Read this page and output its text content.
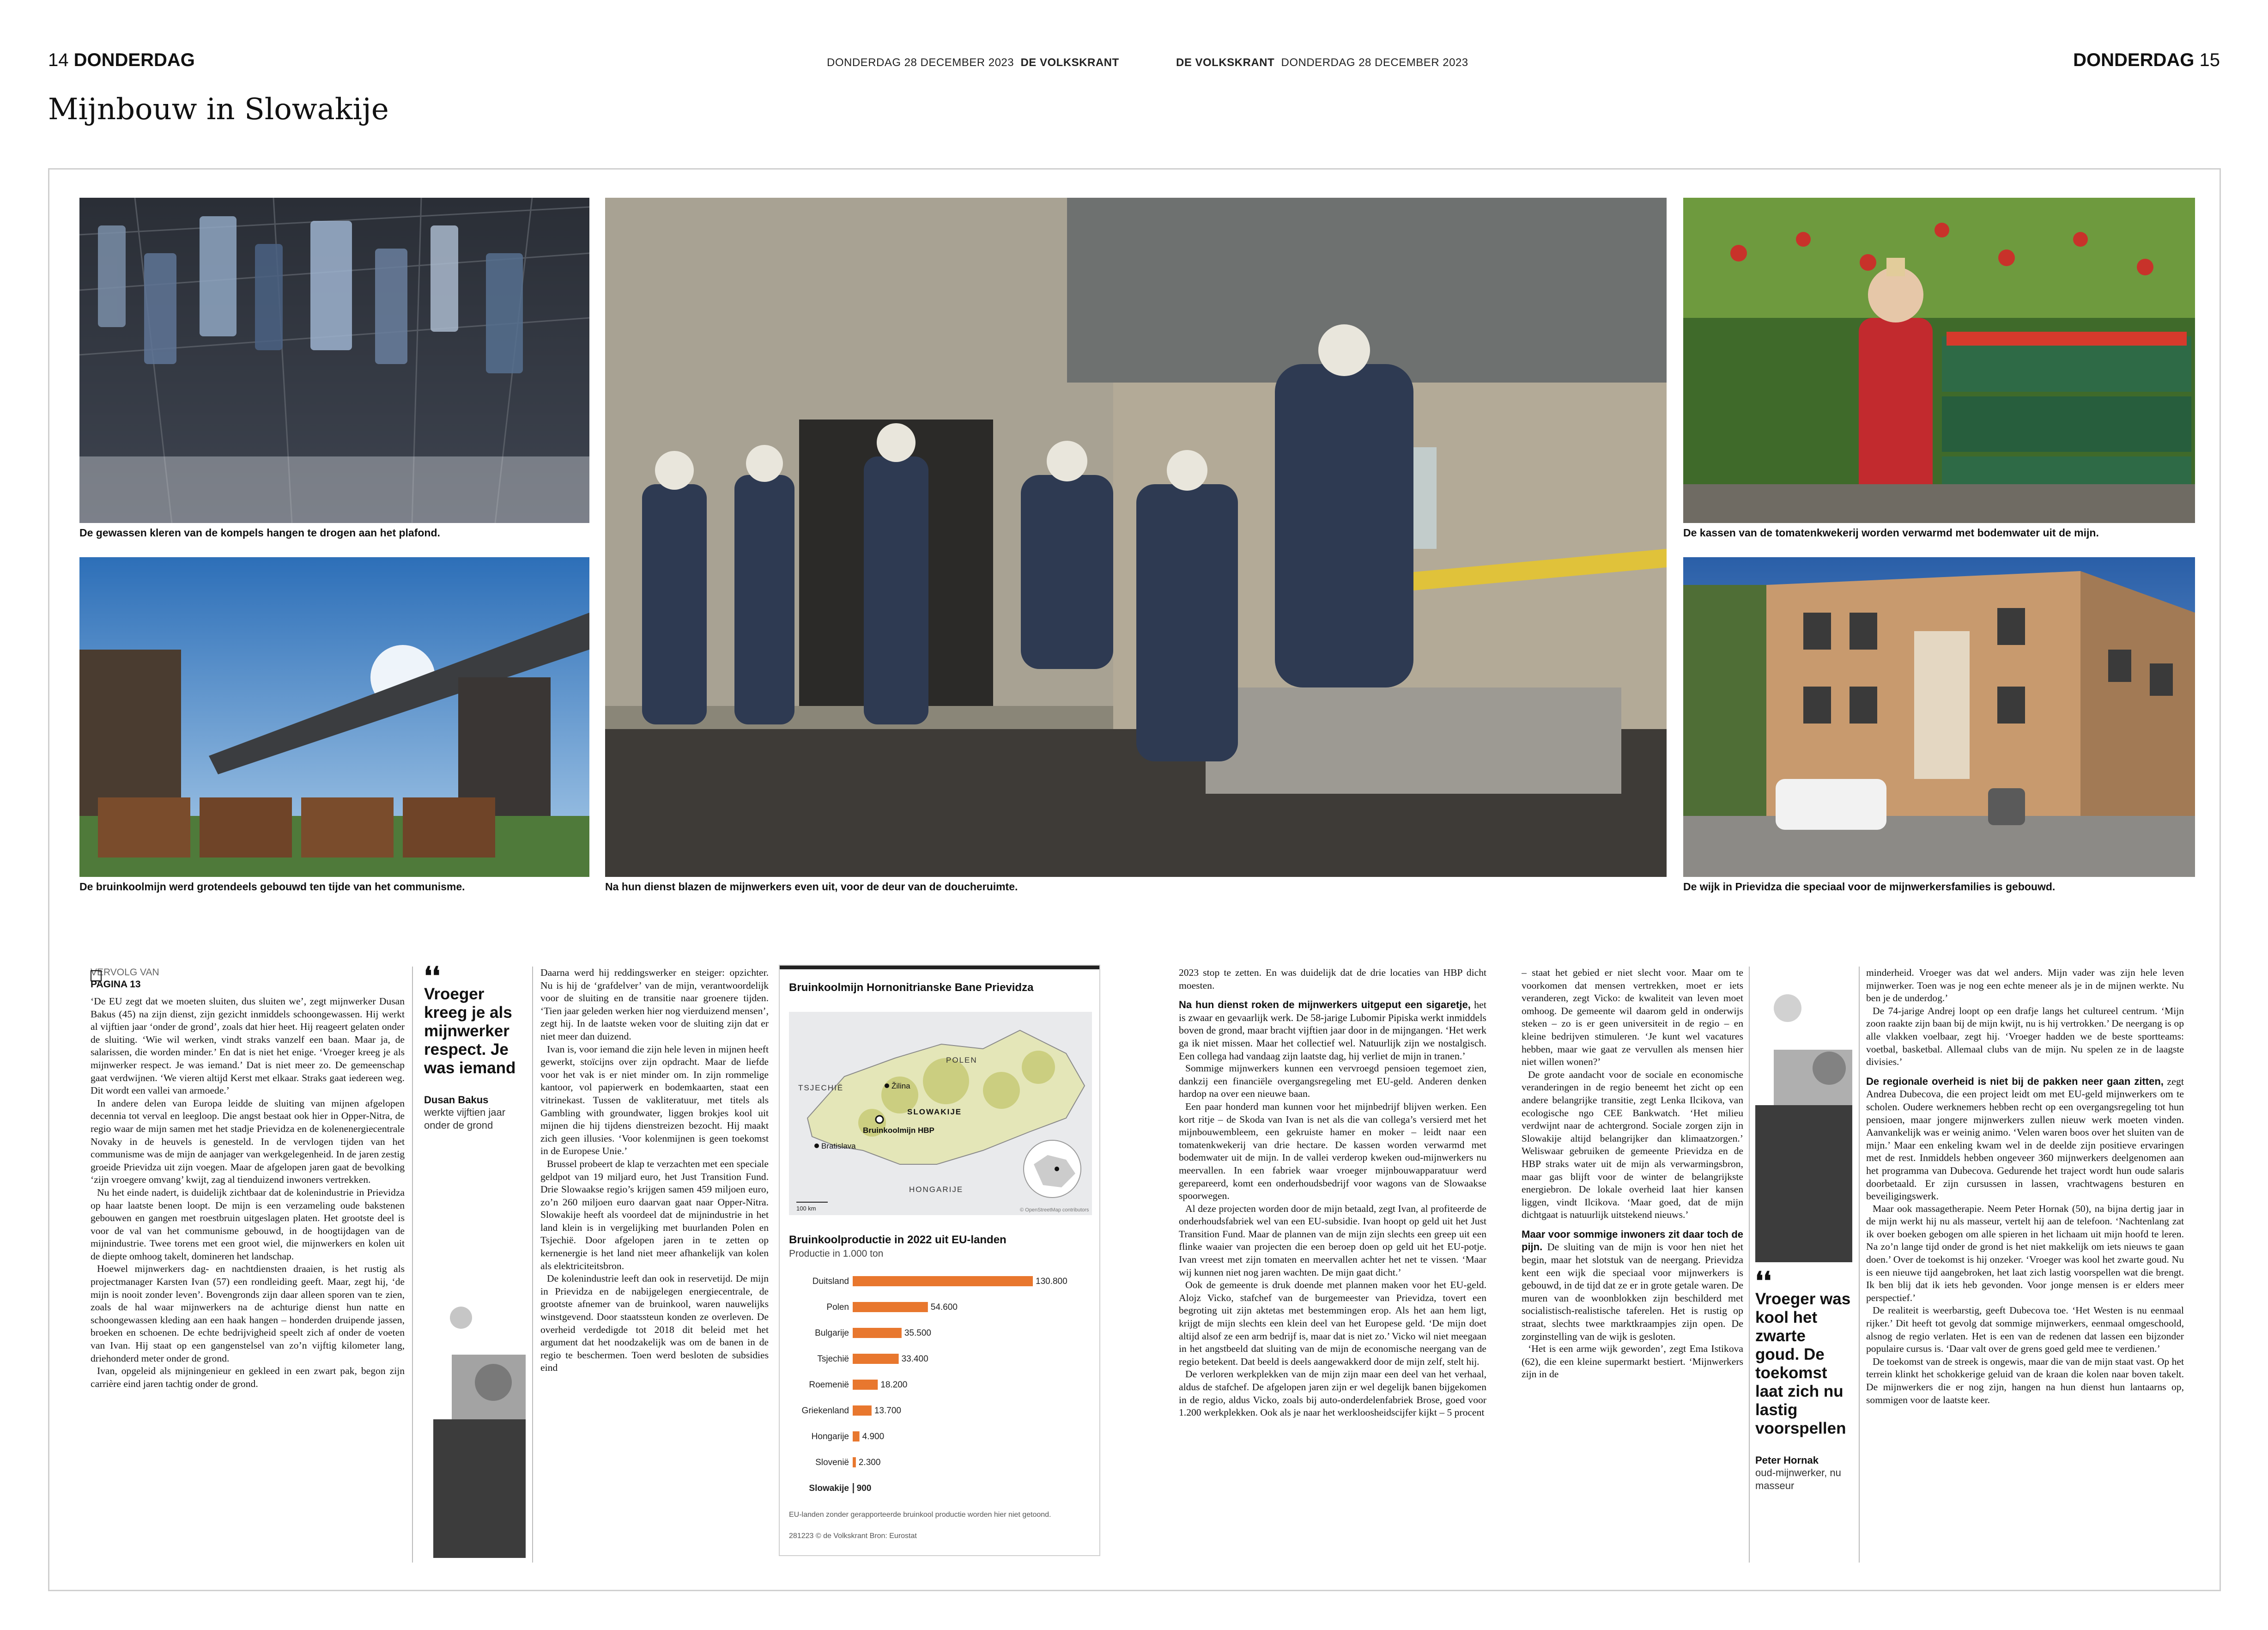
14 DONDERDAG	DONDERDAG 28 DECEMBER 2023 DE VOLKSKRANT	DE VOLKSKRANT DONDERDAG 28 DECEMBER 2023	DONDERDAG 15
Mijnbouw in Slowakije
De gewassen kleren van de kompels hangen te drogen aan het plafond.
De bruinkoolmijn werd grotendeels gebouwd ten tijde van het communisme.	Na hun dienst blazen de mijnwerkers even uit, voor de deur van de doucheruimte.
De kassen van de tomatenkwekerij worden verwarmd met bodemwater uit de mijn.
De wijk in Prievidza die speciaal voor de mijnwerkersfamilies is gebouwd.
VERVOLG VAN
PAGINA 13

‘De EU zegt dat we moeten sluiten, dus sluiten we’, zegt mijnwerker Dusan Bakus (45) na zijn dienst, zijn gezicht inmiddels schoongewassen. Hij werkt al vijftien jaar ‘onder de grond’, zoals dat hier heet. Hij reageert gelaten onder de sluiting. ‘Wie wil werken, vindt straks vanzelf een baan. Maar ja, de salarissen, die worden minder.’ En dat is niet het enige. ‘Vroeger kreeg je als mijnwerker respect. Je was iemand.’ Dat is niet meer zo. De gemeenschap gaat verdwijnen. ‘We vieren altijd Kerst met elkaar. Straks gaat iedereen weg. Dit wordt een vallei van armoede.’

In andere delen van Europa leidde de sluiting van mijnen afgelopen decennia tot verval en leegloop. Die angst bestaat ook hier in Opper-Nitra, de regio waar de mijn samen met het stadje Prievidza en de kolenenergiecentrale Novaky in de heuvels is genesteld. In de vervlogen tijden van het communisme was de mijn de aanjager van werkgelegenheid. In de jaren zestig groeide Prievidza uit zijn voegen. Maar de afgelopen jaren gaat de bevolking ‘zijn vroegere omvang’ kwijt, zag al tienduizend inwoners vertrekken.

Nu het einde nadert, is duidelijk zichtbaar dat de kolenindustrie in Prievidza op haar laatste benen loopt. De mijn is een verzameling oude bakstenen gebouwen en gangen met roestbruin uitgeslagen platen. Het grootste deel is voor de val van het communisme gebouwd, in de hoogtijdagen van de mijnindustrie. Twee torens met een groot wiel, die mijnwerkers en kolen uit de diepte omhoog takelt, domineren het landschap.

Hoewel mijnwerkers dag- en nachtdiensten draaien, is het rustig als projectmanager Karsten Ivan (57) een rondleiding geeft. Maar, zegt hij, ‘de mijn is nooit zonder leven’. Bovengronds zijn daar alleen sporen van te zien, zoals de hal waar mijnwerkers na de achturige dienst hun natte en schoongewassen kleding aan een haak hangen – honderden druipende jassen, broeken en schoenen. De echte bedrijvigheid speelt zich af onder de voeten van Ivan. Hij staat op een gangenstelsel van zo’n vijftig kilometer lang, driehonderd meter onder de grond.

Ivan, opgeleid als mijningenieur en gekleed in een zwart pak, begon zijn carrière eind jaren tachtig onder de grond.

❛❛
Vroeger kreeg je als mijnwerker respect. Je was iemand
Dusan Bakus
werkte vijftien jaar onder de grond

Daarna werd hij reddingswerker en steiger: opzichter. Nu is hij de ‘grafdelver’ van de mijn, verantwoordelijk voor de sluiting en de transitie naar groenere tijden. ‘Tien jaar geleden werken hier nog vierduizend mensen’, zegt hij. In de laatste weken voor de sluiting zijn dat er niet meer dan duizend.

Ivan is, voor iemand die zijn hele leven in mijnen heeft gewerkt, stoïcijns over zijn opdracht. Maar de liefde voor het vak is er niet minder om. In zijn rommelige kantoor, vol papierwerk en bodemkaarten, staat een vitrinekast. Tussen de vakliteratuur, met titels als Gambling with groundwater, liggen brokjes kool uit mijnen die hij tijdens dienstreizen bezocht. Hij maakt zich geen illusies. ‘Voor kolenmijnen is geen toekomst in de Europese Unie.’

Brussel probeert de klap te verzachten met een speciale geldpot van 19 miljard euro, het Just Transition Fund. Drie Slowaakse regio’s krijgen samen 459 miljoen euro, zo’n 260 miljoen euro daarvan gaat naar Opper-Nitra. Slowakije heeft als voordeel dat de mijnindustrie in het land klein is in vergelijking met buurlanden Polen en Tsjechië. Door afgelopen jaren in te zetten op kernenergie is het land niet meer afhankelijk van kolen als elektriciteitsbron.

De kolenindustrie leeft dan ook in reservetijd. De mijn in Prievidza en de nabijgelegen energiecentrale, de grootste afnemer van de bruinkool, waren nauwelijks winstgevend. Door staatssteun konden ze overleven. De overheid verdedigde tot 2018 dit beleid met het argument dat het noodzakelijk was om de banen in de regio te beschermen. Toen werd besloten de subsidies eind

Bruinkoolmijn Hornonitrianske Bane Prievidza
POLEN
TSJECHIË
SLOWAKIJE
HONGARIJE
Žilina
Bruinkoolmijn HBP
Bratislava
100 km	© OpenStreetMap contributors
Bruinkoolproductie in 2022 uit EU-landen
Productie in 1.000 ton
Duitsland	130.800
Polen	54.600
Bulgarije	35.500
Tsjechië	33.400
Roemenië	18.200
Griekenland	13.700
Hongarije 4.900
Slovenië 2.300
Slowakije 900
EU-landen zonder gerapporteerde bruinkool productie worden hier niet getoond.
281223 © de Volkskrant Bron: Eurostat

2023 stop te zetten. En was duidelijk dat de drie locaties van HBP dicht moesten.

Na hun dienst roken de mijnwerkers uitgeput een sigaretje, het is zwaar en gevaarlijk werk. De 58-jarige Lubomir Pipiska werkt inmiddels boven de grond, maar bracht vijftien jaar door in de mijngangen. ‘Het werk ga ik niet missen. Maar het collectief wel. Natuurlijk zijn we nostalgisch. Een collega had vandaag zijn laatste dag, hij verliet de mijn in tranen.’

Sommige mijnwerkers kunnen een vervroegd pensioen tegemoet zien, dankzij een financiële overgangsregeling met EU-geld. Anderen denken hardop na over een nieuwe baan.

Een paar honderd man kunnen voor het mijnbedrijf blijven werken. Een kort ritje – de Skoda van Ivan is net als die van collega’s versierd met het mijnbouwembleem, een gekruiste hamer en moker – leidt naar een tomatenkwekerij van drie hectare. De kassen worden verwarmd met bodemwater uit de mijn. In de vallei verderop kweken oud-mijnwerkers nu meervallen. In een fabriek waar vroeger mijnbouwapparatuur werd gerepareerd, komt een onderhoudsbedrijf voor wagons van de Slowaakse spoorwegen.

Al deze projecten worden door de mijn betaald, zegt Ivan, al profiteerde de onderhoudsfabriek wel van een EU-subsidie. Ivan hoopt op geld uit het Just Transition Fund. Maar de plannen van de mijn zijn slechts een greep uit een flinke waaier van projecten die een beroep doen op geld uit het EU-potje. Ivan vreest met zijn tomaten en meervallen achter het net te vissen. ‘Maar wij kunnen niet nog jaren wachten. De mijn gaat dicht.’

Ook de gemeente is druk doende met plannen maken voor het EU-geld. Alojz Vicko, stafchef van de burgemeester van Prievidza, tovert een begroting uit zijn aktetas met bestemmingen erop. Als het aan hem ligt, krijgt de mijn slechts een klein deel van het Europese geld. ‘De mijn doet altijd alsof ze een arm bedrijf is, maar dat is niet zo.’ Vicko wil niet meegaan in het angstbeeld dat sluiting van de mijn de economische neergang van de regio betekent. Dat beeld is deels aangewakkerd door de mijn zelf, stelt hij.

De verloren werkplekken van de mijn zijn maar een deel van het verhaal, aldus de stafchef. De afgelopen jaren zijn er wel degelijk banen bijgekomen in de regio, aldus Vicko, zoals bij auto-onderdelenfabriek Brose, goed voor 1.200 werkplekken. Ook als je naar het werkloosheidscijfer kijkt – 5 procent

– staat het gebied er niet slecht voor. Maar om te voorkomen dat mensen vertrekken, moet er iets veranderen, zegt Vicko: de kwaliteit van leven moet omhoog. De gemeente wil daarom geld in onderwijs steken – zo is er geen universiteit in de regio – en kleine bedrijven stimuleren. ‘Je kunt wel vacatures hebben, maar wie gaat ze vervullen als mensen hier niet willen wonen?’

De grote aandacht voor de sociale en economische veranderingen in de regio beneemt het zicht op een andere belangrijke transitie, zegt Lenka Ilcikova, van ecologische ngo CEE Bankwatch. ‘Het milieu verdwijnt naar de achtergrond. Sociale zorgen zijn in Slowakije altijd belangrijker dan klimaatzorgen.’ Weliswaar gebruiken de gemeente Prievidza en de HBP straks water uit de mijn als verwarmingsbron, maar gas blijft voor de winter de belangrijkste energiebron. De lokale overheid laat hier kansen liggen, vindt Ilcikova. ‘Maar goed, dat de mijn dichtgaat is natuurlijk uitstekend nieuws.’

Maar voor sommige inwoners zit daar toch de pijn. De sluiting van de mijn is voor hen niet het begin, maar het slotstuk van de neergang. Prievidza kent een wijk die speciaal voor mijnwerkers is gebouwd, in de tijd dat ze er in grote getale waren. De muren van de woonblokken zijn beschilderd met socialistisch-realistische taferelen. Het is rustig op straat, slechts twee marktkraampjes zijn open. De zorginstelling van de wijk is gesloten.

‘Het is een arme wijk geworden’, zegt Ema Istikova (62), die een kleine supermarkt bestiert. ‘Mijnwerkers zijn in de

❛❛
Vroeger was kool het zwarte goud. De toekomst laat zich nu lastig voorspellen
Peter Hornak
oud-mijnwerker, nu masseur

minderheid. Vroeger was dat wel anders. Mijn vader was zijn hele leven mijnwerker. Toen was je nog een echte meneer als je in de mijnen werkte. Nu ben je de underdog.’

De 74-jarige Andrej loopt op een drafje langs het cultureel centrum. ‘Mijn zoon raakte zijn baan bij de mijn kwijt, nu is hij vertrokken.’ De neergang is op alle vlakken voelbaar, zegt hij. ‘Vroeger hadden we de beste sportteams: voetbal, basketbal. Allemaal clubs van de mijn. Nu spelen ze in de laagste divisies.’

De regionale overheid is niet bij de pakken neer gaan zitten, zegt Andrea Dubecova, die een project leidt om met EU-geld mijnwerkers om te scholen. Oudere werknemers hebben recht op een overgangsregeling tot hun pensioen, maar jongere mijnwerkers zullen nieuw werk moeten vinden. Aanvankelijk was er weinig animo. ‘Velen waren boos over het sluiten van de mijn.’ Maar een enkeling kwam wel in de deelde zijn positieve ervaringen met de rest. Inmiddels hebben ongeveer 360 mijnwerkers deelgenomen aan het programma van Dubecova. Gedurende het traject wordt hun oude salaris doorbetaald. Er zijn cursussen in lassen, vrachtwagens besturen en beveiligingswerk.

Maar ook massagetherapie. Neem Peter Hornak (50), na bijna dertig jaar in de mijn werkt hij nu als masseur, vertelt hij aan de telefoon. ‘Nachtenlang zat ik over boeken gebogen om alle spieren in het lichaam uit mijn hoofd te leren. Na zo’n lange tijd onder de grond is het niet makkelijk om iets nieuws te gaan doen.’ Over de toekomst is hij onzeker. ‘Vroeger was kool het zwarte goud. Nu is een nieuwe tijd aangebroken, het laat zich lastig voorspellen wat die brengt. Ik ben blij dat ik iets heb gevonden. Voor jonge mensen is er elders meer perspectief.’

De realiteit is weerbarstig, geeft Dubecova toe. ‘Het Westen is nu eenmaal rijker.’ Dit heeft tot gevolg dat sommige mijnwerkers, eenmaal omgeschoold, alsnog de regio verlaten. Het is een van de redenen dat lassen een bijzonder populaire cursus is. ‘Daar valt over de grens goed geld mee te verdienen.’

De toekomst van de streek is ongewis, maar die van de mijn staat vast. Op het terrein klinkt het schokkerige geluid van de kraan die kolen naar boven takelt. De mijnwerkers die er nog zijn, hangen na hun dienst hun lantaarns op, sommigen voor de laatste keer.
